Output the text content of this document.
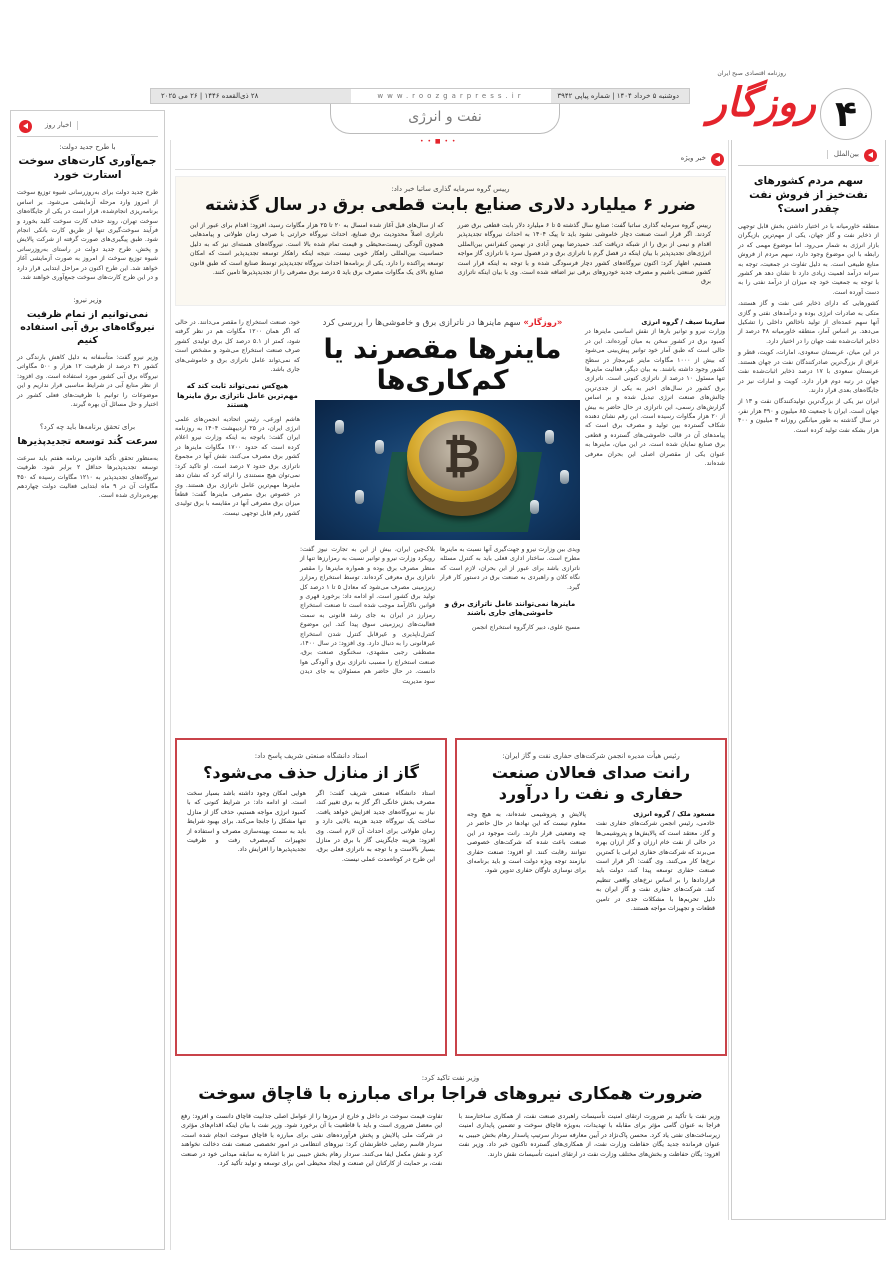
۴
روزنامه اقتصادی صبح ایران
روزگار
دوشنبه ۵ خرداد ۱۴۰۴ | شماره پیاپی ۳۹۴۲
www.roozgarpress.ir
۲۸ ذی‌القعده ۱۴۴۶ | ۲۶ می ۲۰۲۵
نفت و انرژی
• • ■ • •
بین‌الملل
سهم مردم کشورهای نفت‌خیز از فروش نفت چقدر است؟

منطقه خاورمیانه با در اختیار داشتن بخش قابل توجهی از ذخایر نفت و گاز جهان، یکی از مهم‌ترین بازیگران بازار انرژی به شمار می‌رود. اما موضوع مهمی که در رابطه با این موضوع وجود دارد، سهم مردم از فروش منابع طبیعی است. به دلیل تفاوت در جمعیت، توجه به سرانه درآمد اهمیت زیادی دارد تا نشان دهد هر کشور با توجه به جمعیت خود چه میزان از درآمد نفتی را به دست آورده است.

کشورهایی که دارای ذخایر غنی نفت و گاز هستند، متکی به صادرات انرژی بوده و درآمدهای نفتی و گازی آنها سهم عمده‌ای از تولید ناخالص داخلی را تشکیل می‌دهد. بر اساس آمار، منطقه خاورمیانه ۴۸ درصد از ذخایر اثبات‌شده نفت جهان را در اختیار دارد.

در این میان، عربستان سعودی، امارات، کویت، قطر و عراق از بزرگ‌ترین صادرکنندگان نفت در جهان هستند. عربستان سعودی با ۱۷ درصد ذخایر اثبات‌شده نفت جهان در رتبه دوم قرار دارد. کویت و امارات نیز در جایگاه‌های بعدی قرار دارند.

ایران نیز یکی از بزرگ‌ترین تولیدکنندگان نفت و ۱۳ از جهان است. ایران با جمعیت ۸۵ میلیون و ۴۹۰ هزار نفر، در سال گذشته به طور میانگین روزانه ۳ میلیون و ۴۰۰ هزار بشکه نفت تولید کرده است.

اخبار روز
با طرح جدید دولت:
جمع‌آوری کارت‌های سوخت استارت خورد

طرح جدید دولت برای به‌روزرسانی شیوه توزیع سوخت از امروز وارد مرحله آزمایشی می‌شود. بر اساس برنامه‌ریزی انجام‌شده، قرار است در یکی از جایگاه‌های سوخت تهران، روند حذف کارت سوخت کلید بخورد و فرآیند سوخت‌گیری تنها از طریق کارت بانکی انجام شود. طبق پیگیری‌های صورت گرفته از شرکت پالایش و پخش، طرح جدید دولت در راستای به‌روزرسانی شیوه توزیع سوخت از امروز به صورت آزمایشی آغاز خواهد شد. این طرح اکنون در مراحل ابتدایی قرار دارد و در این طرح کارت‌های سوخت جمع‌آوری خواهند شد.

وزیر نیرو:
نمی‌توانیم از تمام ظرفیت نیروگاه‌های برق آبی استفاده کنیم

وزیر نیرو گفت: متأسفانه به دلیل کاهش بارندگی در کشور ۴۱ درصد از ظرفیت ۱۲ هزار و ۵۰۰ مگاواتی نیروگاه برق آبی کشور مورد استفاده است. وی افزود: از نظر منابع آبی در شرایط مناسبی قرار نداریم و این موضوعات را توانیم با ظرفیت‌های فعلی کشور در اختیار و حل مسائل آن بهره گیرند.

برای تحقق برنامه‌ها باید چه کرد؟
سرعت کُند توسعه تجدیدپذیرها

به‌منظور تحقق تأکید قانونی برنامه هفتم باید سرعت توسعه تجدیدپذیرها حداقل ۲ برابر شود. ظرفیت نیروگاه‌های تجدیدپذیر به ۱۲۱۰ مگاوات رسیده که ۴۵۰ مگاوات آن در ۹ ماه ابتدایی فعالیت دولت چهاردهم بهره‌برداری شده است.

خبر ویژه
رییس گروه سرمایه گذاری ساتبا خبر داد:
ضرر ۶ میلیارد دلاری صنایع بابت قطعی برق در سال گذشته
رییس گروه سرمایه گذاری ساتبا گفت: صنایع سال گذشته ۵ تا ۶ میلیارد دلار بابت قطعی برق ضرر کردند. اگر قرار است صنعت دچار خاموشی نشود باید تا پیک ۱۴۰۴ به احداث نیروگاه تجدیدپذیر اقدام و نیمی از برق را از شبکه دریافت کند. حمیدرضا بهمن آبادی در نهمین کنفرانس بین‌المللی انرژی‌های تجدیدپذیر با بیان اینکه در فصل گرم با ناترازی برق و در فصول سرد با ناترازی گاز مواجه هستیم، اظهار کرد: اکنون نیروگاه‌های کشور دچار فرسودگی شده و با توجه به اینکه قرار است کشور صنعتی باشیم و مصرف جدید خودروهای برقی نیز اضافه شده است. وی با بیان اینکه ناترازی برق
که از سال‌های قبل آغاز شده امسال به ۲۰ تا ۲۵ هزار مگاوات رسید، افزود: اقدام برای عبور از این ناترازی اصلاً محدودیت برق صنایع، احداث نیروگاه حرارتی با صرف زمان طولانی و پیامدهایی همچون آلودگی زیست‌محیطی و قیمت تمام شده بالا است. نیروگاه‌های هسته‌ای نیز که به دلیل حساسیت بین‌المللی راهکار خوبی نیست. نتیجه اینکه راهکار توسعه تجدیدپذیر است که امکان توسعه پراکنده را دارد. یکی از برنامه‌ها احداث نیروگاه تجدیدپذیر توسط صنایع است که طبق قانون صنایع بالای یک مگاوات مصرف برق باید ۵ درصد برق مصرفی را از تجدیدپذیرها تامین کنند.
«روزگار» سهم ماینرها در ناترازی برق و خاموشی‌ها را بررسی کرد
ماینرها مقصرند یا کم‌کاری‌ها
₿
سارینا سیف / گروه انرژی

وزارت نیرو و توانیر بارها از نقش اساسی ماینرها در کمبود برق در کشور سخن به میان آورده‌اند. این در حالی است که طبق آمار خود توانیر پیش‌بینی می‌شود که بیش از ۱۰۰۰ مگاوات ماینر غیرمجاز در سطح کشور وجود داشته باشند. به بیان دیگر، فعالیت ماینرها تنها مسئول ۱۰ درصد از ناترازی کنونی است. ناترازی برق کشور در سال‌های اخیر به یکی از جدی‌ترین چالش‌های صنعت انرژی تبدیل شده و بر اساس گزارش‌های رسمی، این ناترازی در حال حاضر به بیش از ۲۰ هزار مگاوات رسیده است. این رقم نشان دهنده شکاف گسترده بین تولید و مصرف برق است که پیامدهای آن در قالب خاموشی‌های گسترده و قطعی برق صنایع نمایان شده است. در این میان، ماینرها به عنوان یکی از مقصران اصلی این بحران معرفی شده‌اند.

ویدی بین وزارت نیرو و جهت‌گیری آنها نسبت به ماینرها مطرح است. ساختار اداری فعلی باید به کنترل مسئله ناترازی باشد برای عبور از این بحران، لازم است که نگاه کلان و راهبردی به صنعت برق در دستور کار قرار گیرد.

ماینرها نمی‌توانند عامل ناترازی برق و خاموشی‌های جاری باشند

مسیح علوی، دبیر کارگروه استخراج انجمن

بلاک‌چین ایران، بیش از این به تجارت نیوز گفت: رویکرد وزارت نیرو و توانیر نسبت به رمزارزها تنها از منظر مصرف برق بوده و همواره ماینرها را مقصر ناترازی برق معرفی کرده‌اند. توسط استخراج رمزارز زیرزمینی مصرف می‌شود که معادل ۵ تا ۱ درصد کل تولید برق کشور است. او ادامه داد: برخورد قهری و قوانین ناکارآمد موجب شده است تا صنعت استخراج رمزارز در ایران به جای رشد قانونی به سمت فعالیت‌های زیرزمینی سوق پیدا کند. این موضوع کنترل‌ناپذیری و غیرقابل کنترل شدن استخراج غیرقانونی را به دنبال دارد. وی افزود: در سال ۱۴۰۰، مصطفی رجبی مشهدی، سخنگوی صنعت برق، صنعت استخراج را مسبب ناترازی برق و آلودگی هوا دانست. در حال حاضر هم مسئولان به جای دیدن سود مدیریت

خود، صنعت استخراج را مقصر می‌دانند. در حالی که اگر همان ۱۲۰۰ مگاوات هم در نظر گرفته شود، کمتر از ۵.۱ درصد کل برق تولیدی کشور صرف صنعت استخراج می‌شود و مشخص است که نمی‌تواند عامل ناترازی برق و خاموشی‌های جاری باشد.

هیچ‌کس نمی‌تواند ثابت کند که مهم‌ترین عامل ناترازی برق ماینرها هستند

هاشم اورعی، رئیس اتحادیه انجمن‌های علمی انرژی ایران، در ۲۵ اردیبهشت ۱۴۰۴ به روزنامه ایران گفت: باتوجه به اینکه وزارت نیرو اعلام کرده است که حدود ۱۷۰۰ مگاوات ماینرها در کشور برق مصرف می‌کنند، نقش آنها در مجموع ناترازی برق حدود ۷ درصد است. او تاکید کرد: نمی‌توان هیچ مستندی را ارائه کرد که نشان دهد ماینرها مهم‌ترین عامل ناترازی برق هستند. وی در خصوص برق مصرفی ماینرها گفت: قطعاً میزان برق مصرفی آنها در مقایسه با برق تولیدی کشور رقم قابل توجهی نیست.

رئیس هیأت مدیره انجمن شرکت‌های حفاری نفت و گاز ایران:
رانت صدای فعالان صنعت حفاری و نفت را درآورد
مسعود ملک / گروه انرژی

خادمی، رئیس انجمن شرکت‌های حفاری نفت و گاز، معتقد است که پالایش‌ها و پتروشیمی‌ها در حالی از نفت خام ارزان و گاز ارزان بهره می‌برند که شرکت‌های حفاری ایرانی با کمترین نرخ‌ها کار می‌کنند. وی گفت: اگر قرار است صنعت حفاری توسعه پیدا کند، دولت باید قراردادها را بر اساس نرخ‌های واقعی تنظیم کند. شرکت‌های حفاری نفت و گاز ایران به دلیل تحریم‌ها با مشکلات جدی در تامین قطعات و تجهیزات مواجه هستند.

پالایش و پتروشیمی شده‌اند، به هیچ وجه معلوم نیست که این نهادها در حال حاضر در چه وضعیتی قرار دارند. رانت موجود در این صنعت باعث شده که شرکت‌های خصوصی نتوانند رقابت کنند. او افزود: صنعت حفاری نیازمند توجه ویژه دولت است و باید برنامه‌ای برای نوسازی ناوگان حفاری تدوین شود.
استاد دانشگاه صنعتی شریف پاسخ داد:
گاز از منازل حذف می‌شود؟
استاد دانشگاه صنعتی شریف گفت: اگر مصرف بخش خانگی اگر گاز به برق تغییر کند، نیاز به نیروگاه‌های جدید افزایش خواهد یافت. ساخت یک نیروگاه جدید هزینه بالایی دارد و زمان طولانی برای احداث آن لازم است. وی افزود: هزینه جایگزینی گاز با برق در منازل بسیار بالاست و با توجه به ناترازی فعلی برق، این طرح در کوتاه‌مدت عملی نیست.
هوایی امکان وجود داشته باشد بسیار سخت است. او ادامه داد: در شرایط کنونی که با کمبود انرژی مواجه هستیم، حذف گاز از منازل تنها مشکل را جابجا می‌کند. برای بهبود شرایط باید به سمت بهینه‌سازی مصرف و استفاده از تجهیزات کم‌مصرف رفت و ظرفیت تجدیدپذیرها را افزایش داد.
وزیر نفت تاکید کرد:
ضرورت همکاری نیروهای فراجا برای مبارزه با قاچاق سوخت
وزیر نفت با تأکید بر ضرورت ارتقای امنیت تأسیسات راهبردی صنعت نفت، از همکاری ساختارمند با فراجا به عنوان گامی مؤثر برای مقابله با تهدیدات، به‌ویژه قاچاق سوخت و تضمین پایداری امنیت زیرساخت‌های نفتی یاد کرد. محسن پاک‌نژاد در آیین معارفه سردار سرتیپ پاسدار رهام بخش حبیبی به عنوان فرمانده جدید یگان حفاظت وزارت نفت، از همکاری‌های گسترده تاکنون خبر داد. وزیر نفت افزود: یگان حفاظت و بخش‌های مختلف وزارت نفت در ارتقای امنیت تأسیسات نقش دارند.
تفاوت قیمت سوخت در داخل و خارج از مرزها را از عوامل اصلی جذابیت قاچاق دانست و افزود: رفع این معضل ضروری است و باید با قاطعیت با آن برخورد شود. وزیر نفت با بیان اینکه اقدام‌های مؤثری در شرکت ملی پالایش و پخش فرآورده‌های نفتی برای مبارزه با قاچاق سوخت انجام شده است، سردار قاسم رضایی خاطرنشان کرد: نیروهای انتظامی در امور تخصصی صنعت نفت دخالت نخواهند کرد و نقش مکمل ایفا می‌کنند. سردار رهام بخش حبیبی نیز با اشاره به سابقه میدانی خود در صنعت نفت، بر حمایت از کارکنان این صنعت و ایجاد محیطی امن برای توسعه و تولید تأکید کرد.
